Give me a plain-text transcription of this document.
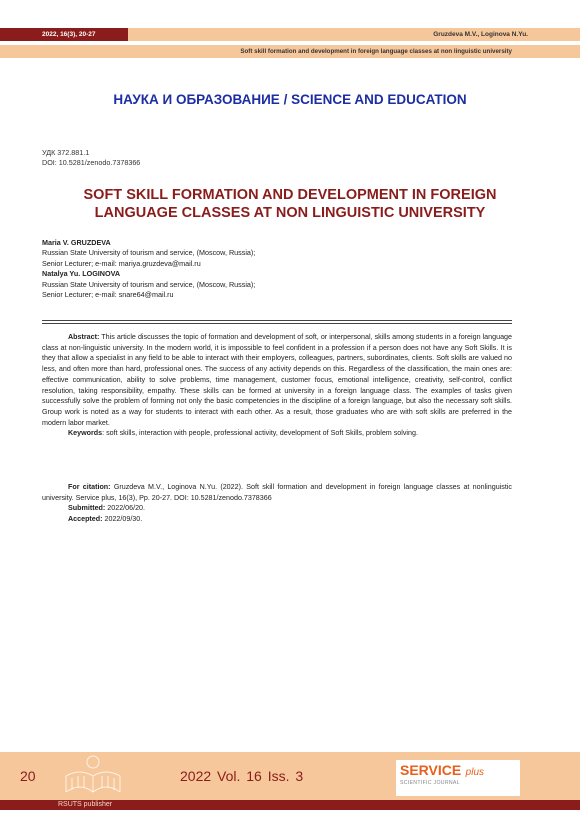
2022, 16(3), 20-27	Gruzdeva M.V., Loginova N.Yu.
Soft skill formation and development in foreign language classes at non linguistic university
НАУКА И ОБРАЗОВАНИЕ / SCIENCE AND EDUCATION
УДК 372.881.1
DOI: 10.5281/zenodo.7378366
SOFT SKILL FORMATION AND DEVELOPMENT IN FOREIGN
LANGUAGE CLASSES AT NON LINGUISTIC UNIVERSITY
Maria V. GRUZDEVA
Russian State University of tourism and service, (Moscow, Russia);
Senior Lecturer; e-mail: mariya.gruzdeva@mail.ru
Natalya Yu. LOGINOVA
Russian State University of tourism and service, (Moscow, Russia);
Senior Lecturer; e-mail: snare64@mail.ru

Abstract: This article discusses the topic of formation and development of soft, or interpersonal, skills among students in a foreign language class at non-linguistic university. In the modern world, it is impossible to feel confident in a profession if a person does not have any Soft Skills. It is they that allow a specialist in any field to be able to interact with their employers, colleagues, partners, subordinates, clients. Soft skills are valued no less, and often more than hard, professional ones. The success of any activity depends on this. Regardless of the classification, the main ones are: effective communication, ability to solve problems, time management, customer focus, emotional intelligence, creativity, self-control, conflict resolution, taking responsibility, empathy. These skills can be formed at university in a foreign language class. The examples of tasks given successfully solve the problem of forming not only the basic competencies in the discipline of a foreign language, but also the necessary soft skills. Group work is noted as a way for students to interact with each other. As a result, those graduates who are with soft skills are preferred in the modern labor market.

Keywords: soft skills, interaction with people, professional activity, development of Soft Skills, problem solving.

For citation: Gruzdeva M.V., Loginova N.Yu. (2022). Soft skill formation and development in foreign language classes at nonlinguistic university. Service plus, 16(3), Pp. 20-27. DOI: 10.5281/zenodo.7378366

Submitted: 2022/06/20.
Accepted: 2022/09/30.
20	2022 Vol. 16 Iss. 3	SERVICE plus
SCIENTIFIC JOURNAL
RSUTS publisher
